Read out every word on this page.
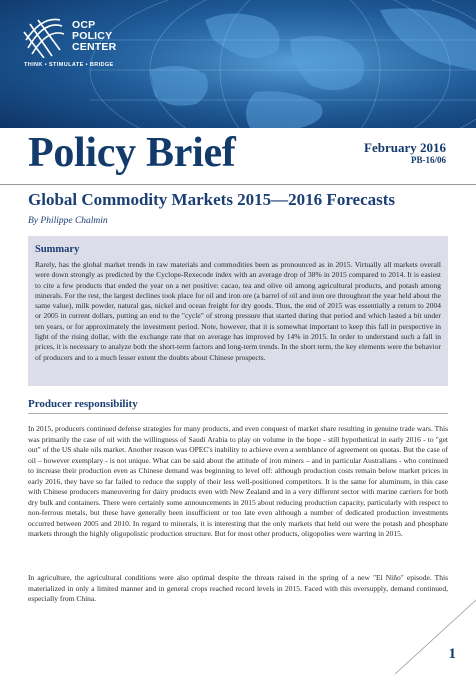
OCP
POLICY
CENTER
THINK • STIMULATE • BRIDGE
Policy Brief	February 2016
PB-16/06
Global Commodity Markets 2015—2016 Forecasts

By Philippe Chalmin

Summary

Rarely, has the global market trends in raw materials and commodities been as pronounced as in 2015. Virtually all markets overall were down strongly as predicted by the Cyclope-Rexecode index with an average drop of 38% in 2015 compared to 2014. It is easiest to cite a few products that ended the year on a net positive: cacao, tea and olive oil among agricultural products, and potash among minerals. For the rest, the largest declines took place for oil and iron ore (a barrel of oil and iron ore throughout the year held about the same value), milk powder, natural gas, nickel and ocean freight for dry goods. Thus, the end of 2015 was essentially a return to 2004 or 2005 in current dollars, putting an end to the "cycle" of strong pressure that started during that period and which lasted a bit under ten years, or for approximately the investment period. Note, however, that it is somewhat important to keep this fall in perspective in light of the rising dollar, with the exchange rate that on average has improved by 14% in 2015. In order to understand such a fall in prices, it is necessary to analyze both the short-term factors and long-term trends. In the short term, the key elements were the behavior of producers and to a much lesser extent the doubts about Chinese prospects.

Producer responsibility

In 2015, producers continued defense strategies for many products, and even conquest of market share resulting in genuine trade wars. This was primarily the case of oil with the willingness of Saudi Arabia to play on volume in the hope - still hypothetical in early 2016 - to "get out" of the US shale oils market. Another reason was OPEC's inability to achieve even a semblance of agreement on quotas. But the case of oil – however exemplary - is not unique. What can be said about the attitude of iron miners – and in particular Australians - who continued to increase their production even as Chinese demand was beginning to level off: although production costs remain below market prices in early 2016, they have so far failed to reduce the supply of their less well-positioned competitors. It is the same for aluminum, in this case with Chinese producers maneuvering for dairy products even with New Zealand and in a very different sector with marine carriers for both dry bulk and containers. There were certainly some announcements in 2015 about reducing production capacity, particularly with respect to non-ferrous metals, but these have generally been insufficient or too late even although a number of dedicated production investments occurred between 2005 and 2010. In regard to minerals, it is interesting that the only markets that held out were the potash and phosphate markets through the highly oligopolistic production structure. But for most other products, oligopolies were warring in 2015.

In agriculture, the agricultural conditions were also optimal despite the threats raised in the spring of a new "El Niño" episode. This materialized in only a limited manner and in general crops reached record levels in 2015. Faced with this oversupply, demand continued, especially from China.

1
